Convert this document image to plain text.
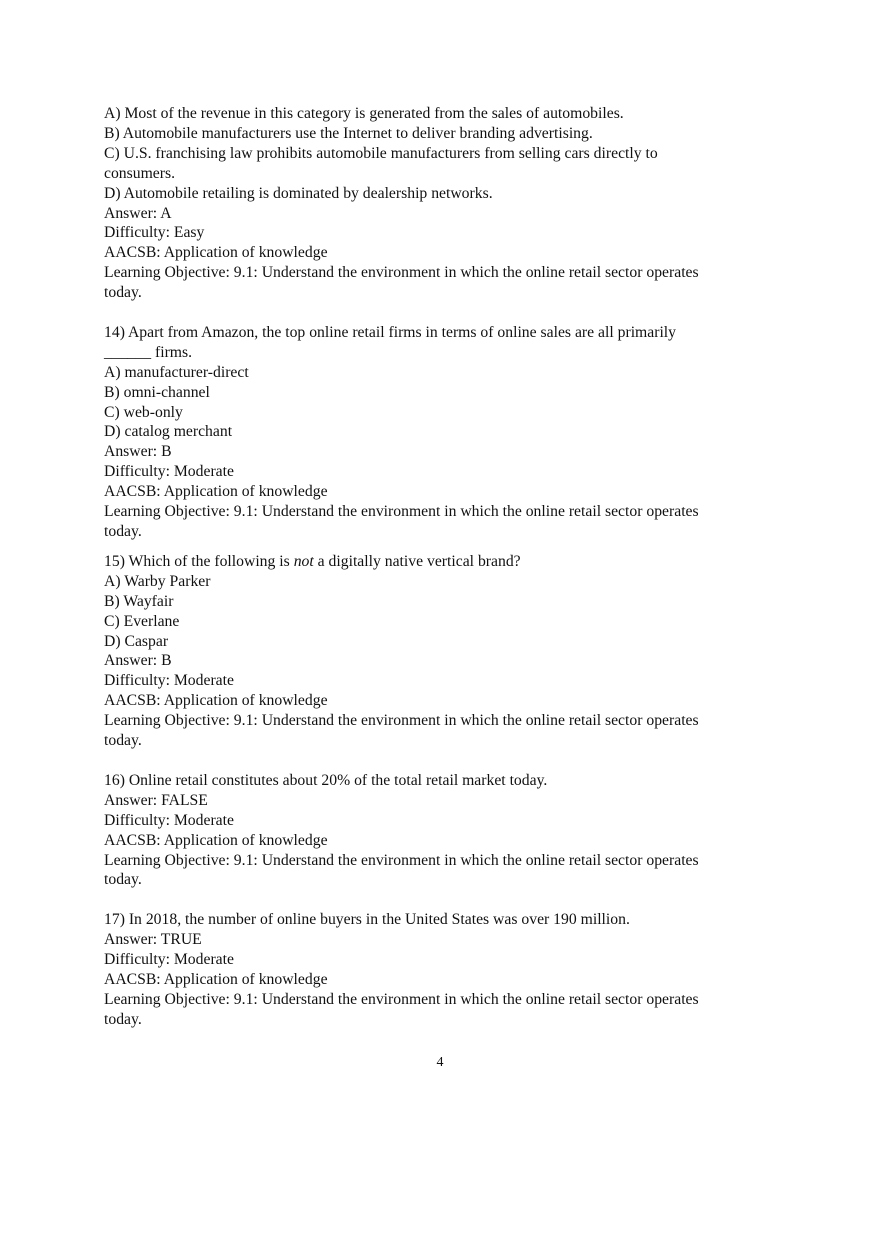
A) Most of the revenue in this category is generated from the sales of automobiles.
B) Automobile manufacturers use the Internet to deliver branding advertising.
C) U.S. franchising law prohibits automobile manufacturers from selling cars directly to
consumers.
D) Automobile retailing is dominated by dealership networks.
Answer: A
Difficulty: Easy
AACSB: Application of knowledge
Learning Objective: 9.1: Understand the environment in which the online retail sector operates
today.
14) Apart from Amazon, the top online retail firms in terms of online sales are all primarily
______ firms.
A) manufacturer-direct
B) omni-channel
C) web-only
D) catalog merchant
Answer: B
Difficulty: Moderate
AACSB: Application of knowledge
Learning Objective: 9.1: Understand the environment in which the online retail sector operates
today.
15) Which of the following is not a digitally native vertical brand?
A) Warby Parker
B) Wayfair
C) Everlane
D) Caspar
Answer: B
Difficulty: Moderate
AACSB: Application of knowledge
Learning Objective: 9.1: Understand the environment in which the online retail sector operates
today.
16) Online retail constitutes about 20% of the total retail market today.
Answer: FALSE
Difficulty: Moderate
AACSB: Application of knowledge
Learning Objective: 9.1: Understand the environment in which the online retail sector operates
today.
17) In 2018, the number of online buyers in the United States was over 190 million.
Answer: TRUE
Difficulty: Moderate
AACSB: Application of knowledge
Learning Objective: 9.1: Understand the environment in which the online retail sector operates
today.
4
